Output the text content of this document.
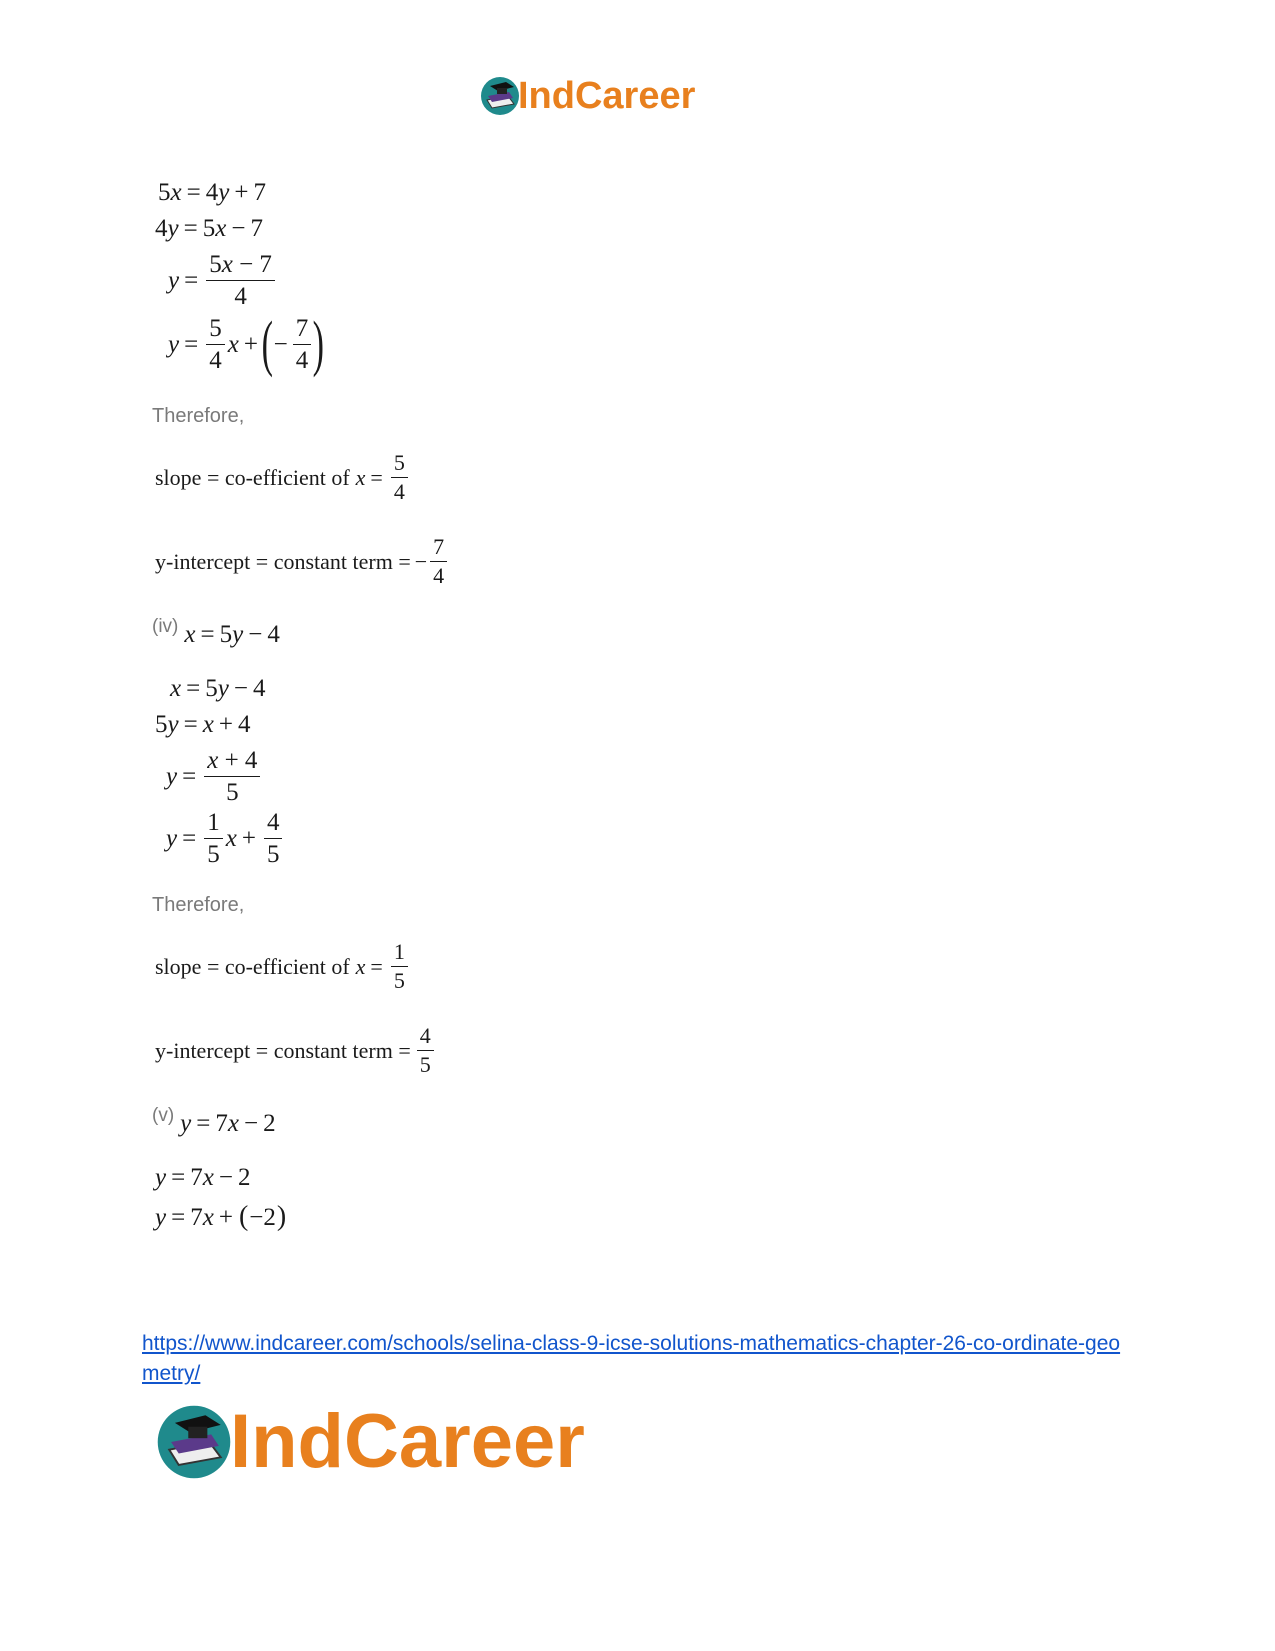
IndCareer
5x = 4y + 7
4y = 5x − 7
$y = \frac{5x - 7}{4}$
$y = \frac{5}{4}$ x + ( − $\frac{7}{4}$ )
Therefore,
slope = co-efficient of $x = \frac{5}{4}$
y-intercept = constant term = − $\frac{7}{4}$
(iv) x = 5y − 4
x = 5y − 4
5y = x + 4
$y = \frac{x + 4}{5}$
$y = \frac{1}{5}$ $x + \frac{4}{5}$
Therefore,
slope = co-efficient of $x = \frac{1}{5}$
y-intercept = constant term = $\frac{4}{5}$
(v) y = 7x − 2
y = 7x − 2
y = 7x + ( −2 )
https://www.indcareer.com/schools/selina-class-9-icse-solutions-mathematics-chapter-26-co-ordinate-geometry/
IndCareer
